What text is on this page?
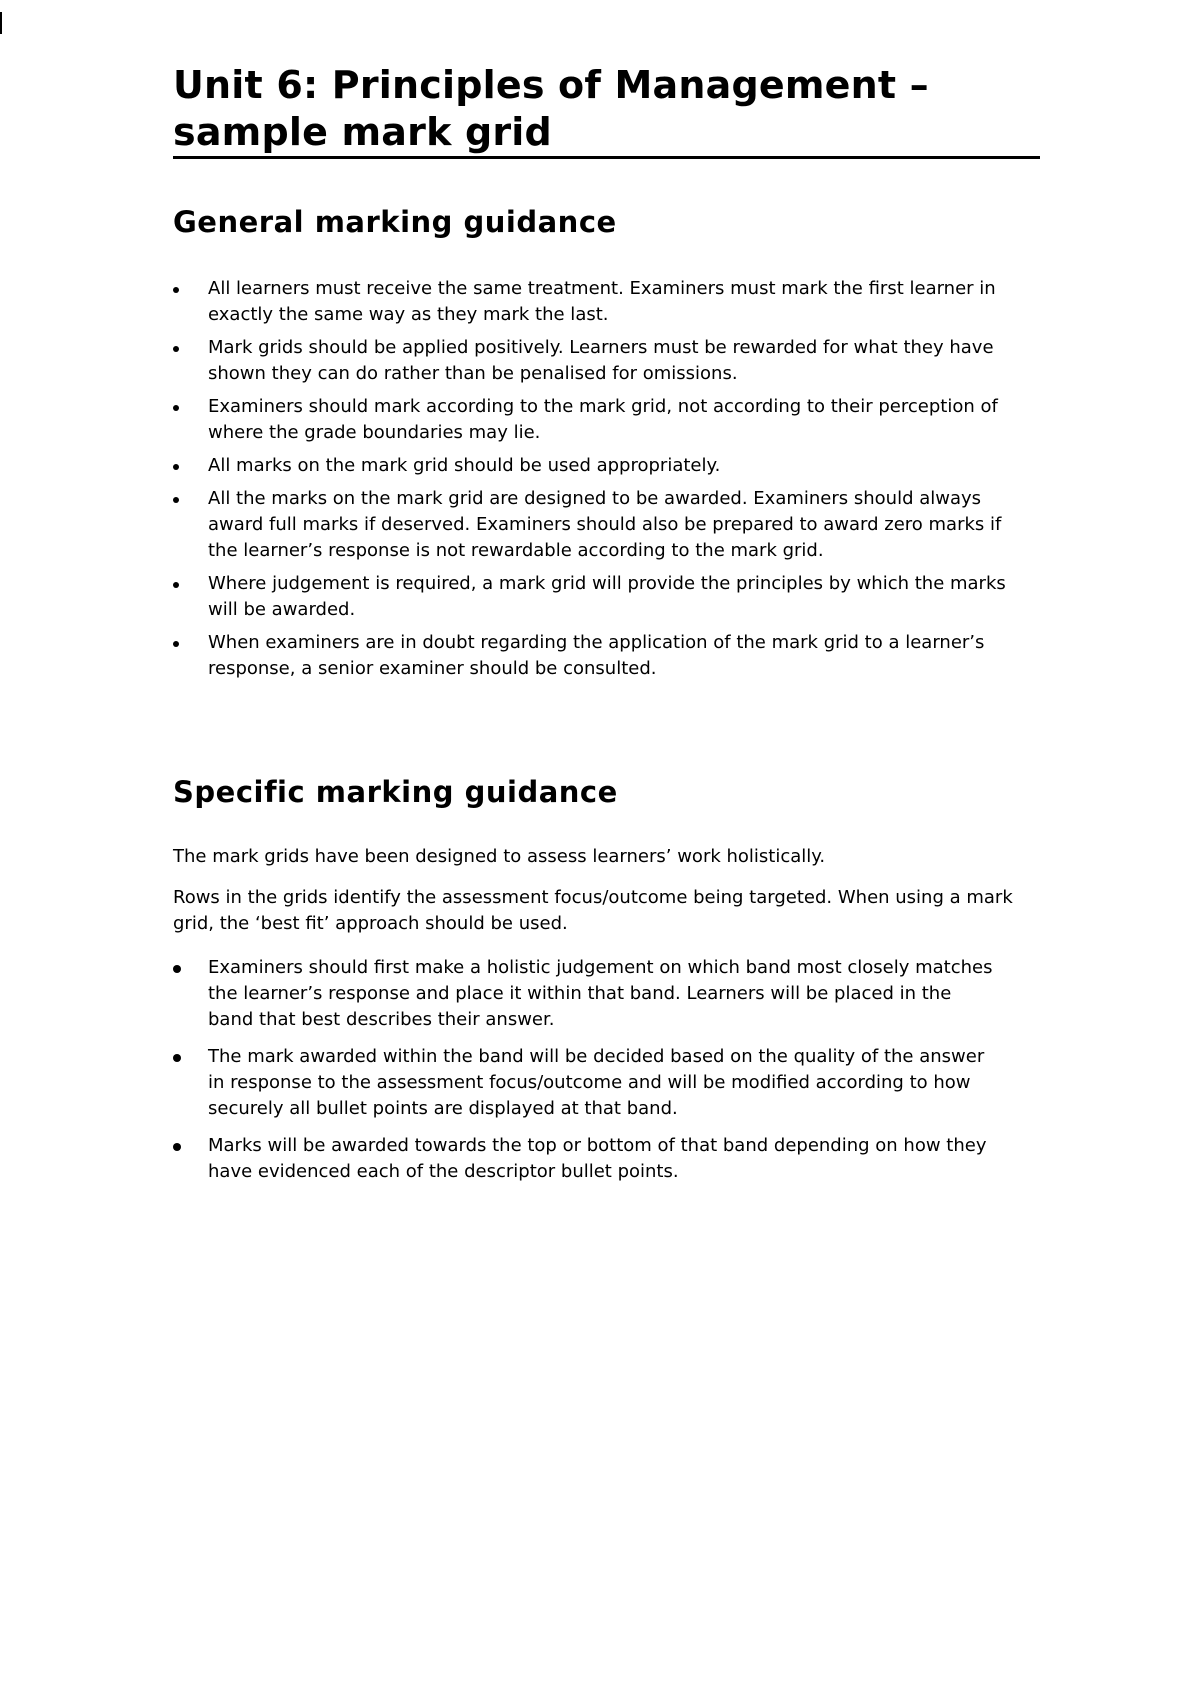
Unit 6: Principles of Management –
sample mark grid
General marking guidance
All learners must receive the same treatment. Examiners must mark the first learner in exactly the same way as they mark the last.
Mark grids should be applied positively. Learners must be rewarded for what they have shown they can do rather than be penalised for omissions.
Examiners should mark according to the mark grid, not according to their perception of where the grade boundaries may lie.
All marks on the mark grid should be used appropriately.
All the marks on the mark grid are designed to be awarded. Examiners should always award full marks if deserved. Examiners should also be prepared to award zero marks if the learner’s response is not rewardable according to the mark grid.
Where judgement is required, a mark grid will provide the principles by which the marks will be awarded.
When examiners are in doubt regarding the application of the mark grid to a learner’s response, a senior examiner should be consulted.
Specific marking guidance

The mark grids have been designed to assess learners’ work holistically.

Rows in the grids identify the assessment focus/outcome being targeted. When using a mark grid, the ‘best fit’ approach should be used.

Examiners should first make a holistic judgement on which band most closely matches the learner’s response and place it within that band. Learners will be placed in the band that best describes their answer.
The mark awarded within the band will be decided based on the quality of the answer in response to the assessment focus/outcome and will be modified according to how securely all bullet points are displayed at that band.
Marks will be awarded towards the top or bottom of that band depending on how they have evidenced each of the descriptor bullet points.
